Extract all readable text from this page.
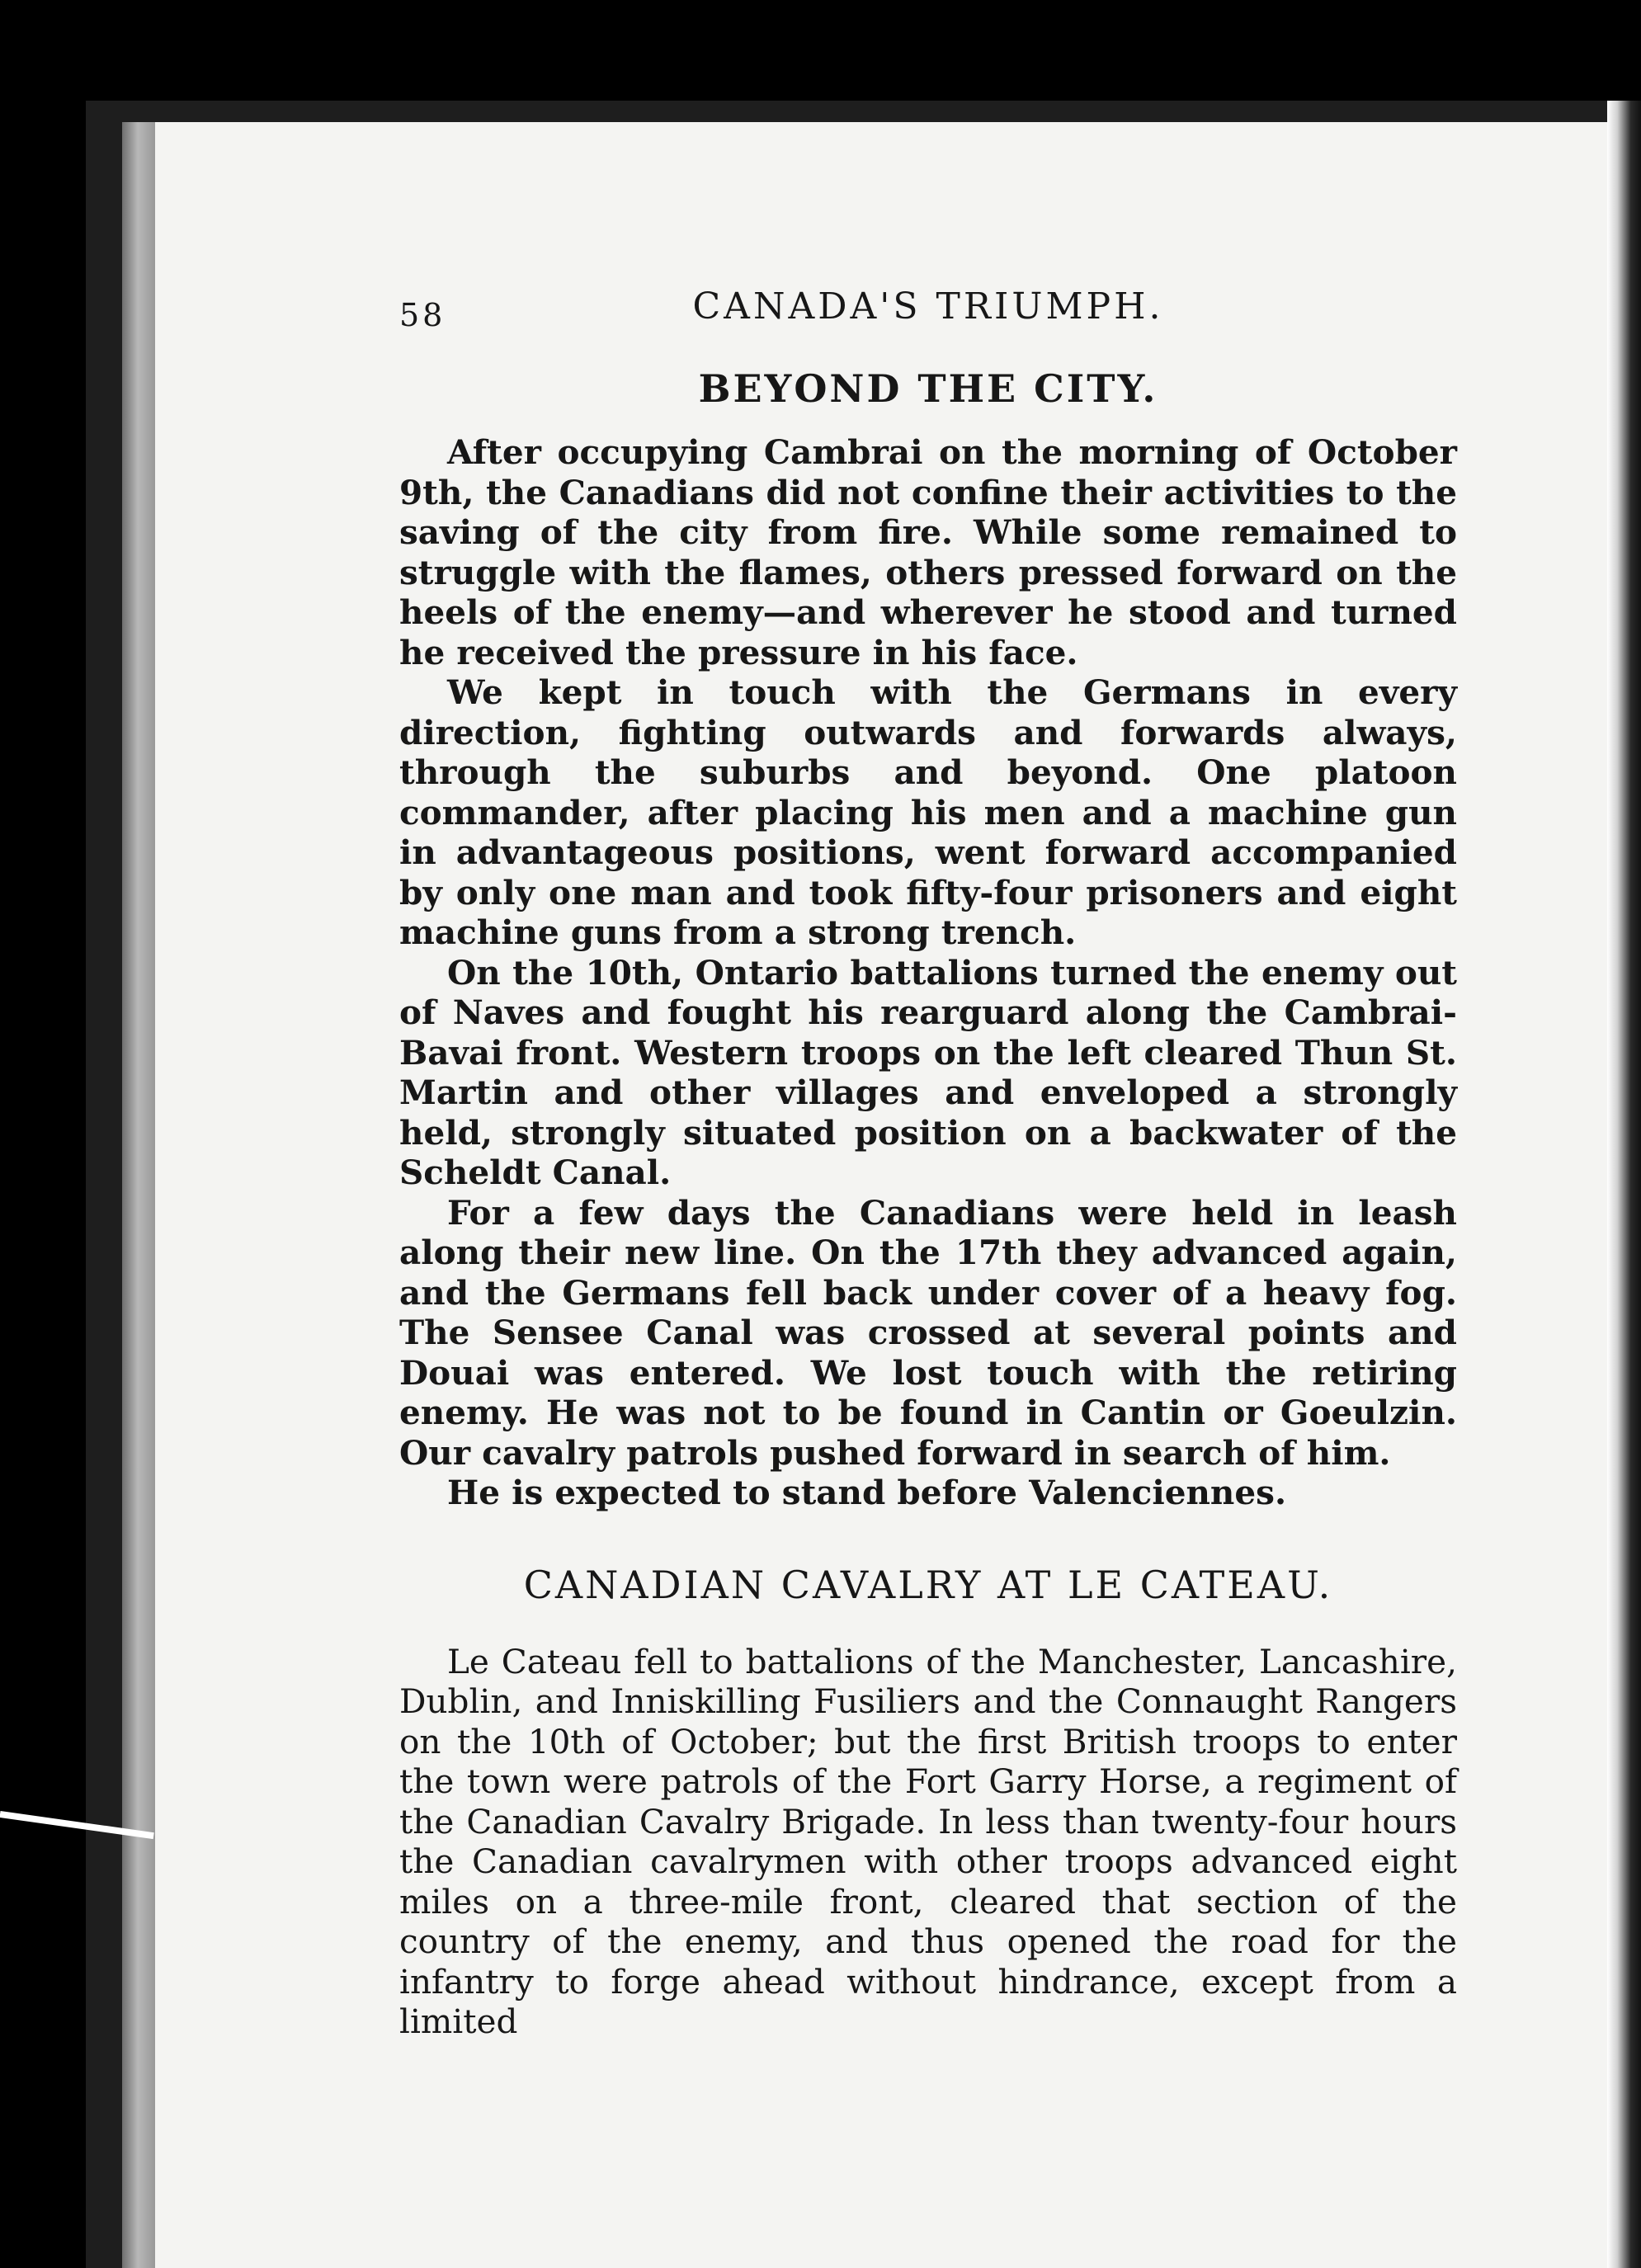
58	CANADA'S TRIUMPH.
BEYOND THE CITY.

After occupying Cambrai on the morning of October 9th, the Canadians did not confine their activities to the saving of the city from fire. While some remained to struggle with the flames, others pressed forward on the heels of the enemy—and wherever he stood and turned he received the pressure in his face.

We kept in touch with the Germans in every direction, fighting outwards and forwards always, through the suburbs and beyond. One platoon commander, after placing his men and a machine gun in advantageous positions, went forward accompanied by only one man and took fifty-four prisoners and eight machine guns from a strong trench.

On the 10th, Ontario battalions turned the enemy out of Naves and fought his rearguard along the Cambrai-Bavai front. Western troops on the left cleared Thun St. Martin and other villages and enveloped a strongly held, strongly situated position on a backwater of the Scheldt Canal.

For a few days the Canadians were held in leash along their new line. On the 17th they advanced again, and the Germans fell back under cover of a heavy fog. The Sensee Canal was crossed at several points and Douai was entered. We lost touch with the retiring enemy. He was not to be found in Cantin or Goeulzin. Our cavalry patrols pushed forward in search of him.

He is expected to stand before Valenciennes.

CANADIAN CAVALRY AT LE CATEAU.

Le Cateau fell to battalions of the Manchester, Lancashire, Dublin, and Inniskilling Fusiliers and the Connaught Rangers on the 10th of October; but the first British troops to enter the town were patrols of the Fort Garry Horse, a regiment of the Canadian Cavalry Brigade. In less than twenty-four hours the Canadian cavalrymen with other troops advanced eight miles on a three-mile front, cleared that section of the country of the enemy, and thus opened the road for the infantry to forge ahead without hindrance, except from a limited
